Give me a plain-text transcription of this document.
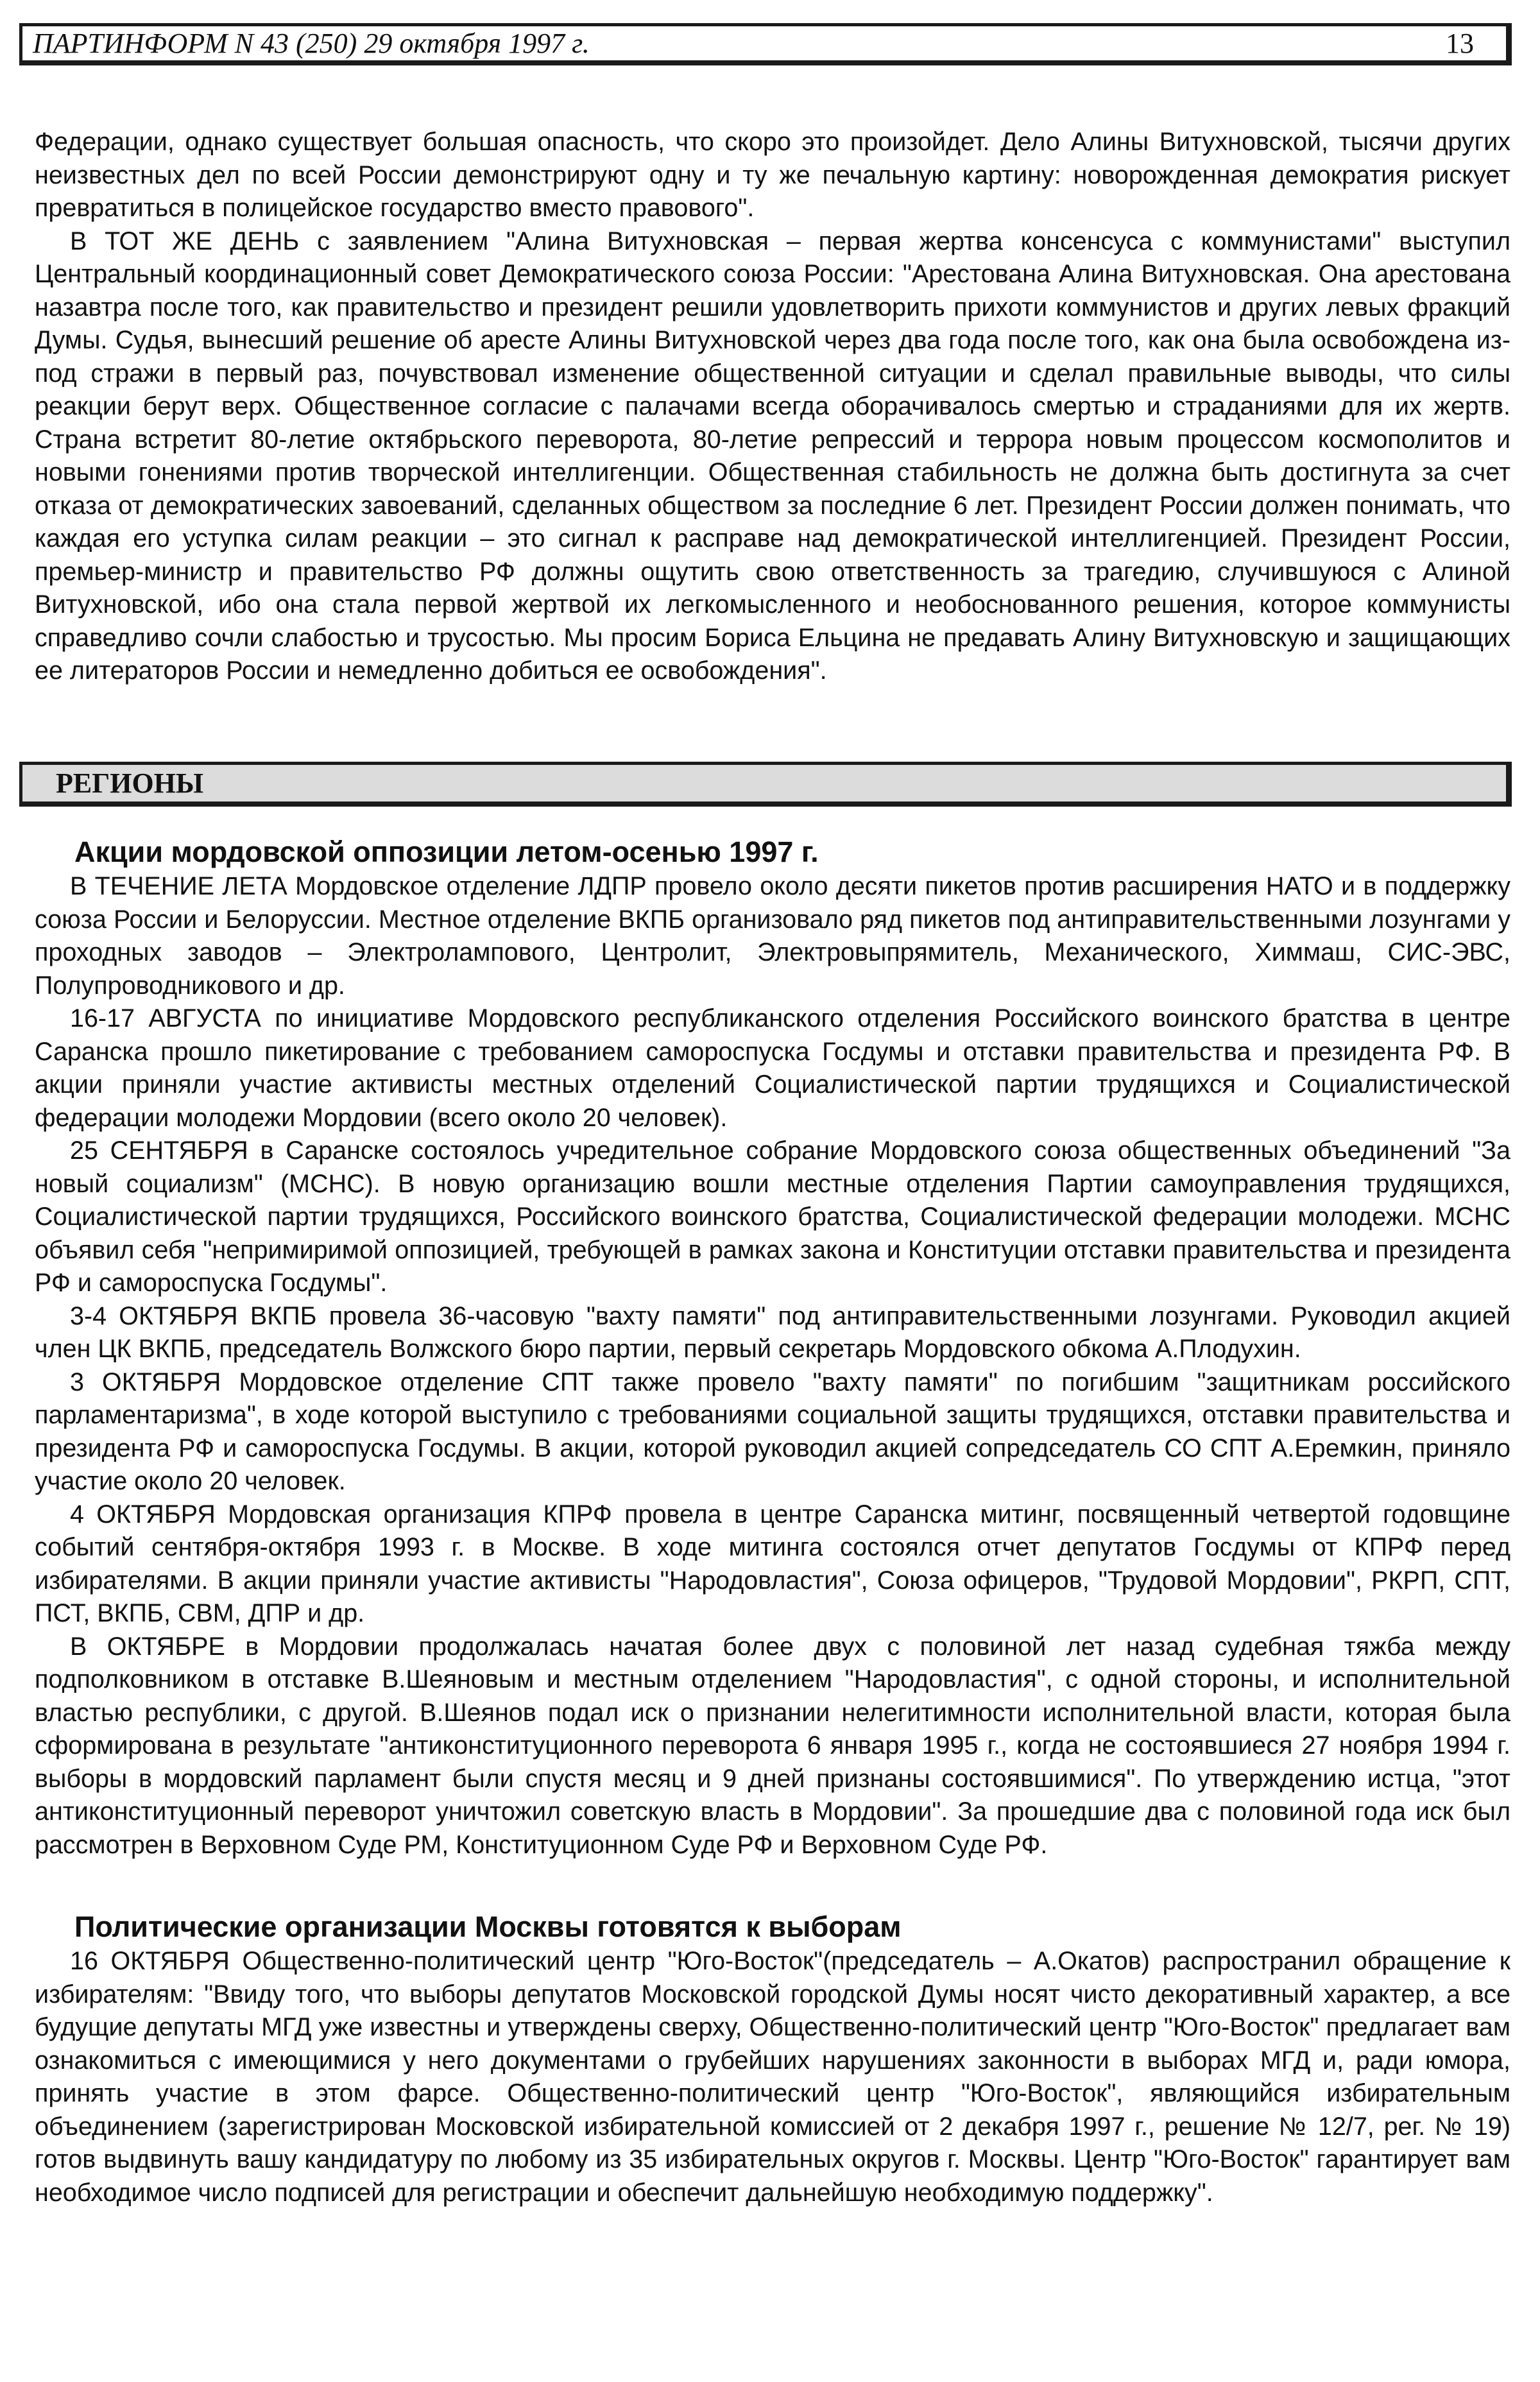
ПАРТИНФОРМ N 43 (250) 29 октября 1997 г.	13

Федерации, однако существует большая опасность, что скоро это произойдет. Дело Алины Витухновской, тысячи других неизвестных дел по всей России демонстрируют одну и ту же печальную картину: новорожденная демократия рискует превратиться в полицейское государство вместо правового".

В ТОТ ЖЕ ДЕНЬ с заявлением "Алина Витухновская – первая жертва консенсуса с коммунистами" выступил Центральный координационный совет Демократического союза России: "Арестована Алина Витухновская. Она арестована назавтра после того, как правительство и президент решили удовлетворить прихоти коммунистов и других левых фракций Думы. Судья, вынесший решение об аресте Алины Витухновской через два года после того, как она была освобождена из-под стражи в первый раз, почувствовал изменение общественной ситуации и сделал правильные выводы, что силы реакции берут верх. Общественное согласие с палачами всегда оборачивалось смертью и страданиями для их жертв. Страна встретит 80-летие октябрьского переворота, 80-летие репрессий и террора новым процессом космополитов и новыми гонениями против творческой интеллигенции. Общественная стабильность не должна быть достигнута за счет отказа от демократических завоеваний, сделанных обществом за последние 6 лет. Президент России должен понимать, что каждая его уступка силам реакции – это сигнал к расправе над демократической интеллигенцией. Президент России, премьер-министр и правительство РФ должны ощутить свою ответственность за трагедию, случившуюся с Алиной Витухновской, ибо она стала первой жертвой их легкомысленного и необоснованного решения, которое коммунисты справедливо сочли слабостью и трусостью. Мы просим Бориса Ельцина не предавать Алину Витухновскую и защищающих ее литераторов России и немедленно добиться ее освобождения".

РЕГИОНЫ
Акции мордовской оппозиции летом-осенью 1997 г.

В ТЕЧЕНИЕ ЛЕТА Мордовское отделение ЛДПР провело около десяти пикетов против расширения НАТО и в поддержку союза России и Белоруссии. Местное отделение ВКПБ организовало ряд пикетов под антиправительственными лозунгами у проходных заводов – Электролампового, Центролит, Электровыпрямитель, Механического, Химмаш, СИС-ЭВС, Полупроводникового и др.

16-17 АВГУСТА по инициативе Мордовского республиканского отделения Российского воинского братства в центре Саранска прошло пикетирование с требованием самороспуска Госдумы и отставки правительства и президента РФ. В акции приняли участие активисты местных отделений Социалистической партии трудящихся и Социалистической федерации молодежи Мордовии (всего около 20 человек).

25 СЕНТЯБРЯ в Саранске состоялось учредительное собрание Мордовского союза общественных объединений "За новый социализм" (МСНС). В новую организацию вошли местные отделения Партии самоуправления трудящихся, Социалистической партии трудящихся, Российского воинского братства, Социалистической федерации молодежи. МСНС объявил себя "непримиримой оппозицией, требующей в рамках закона и Конституции отставки правительства и президента РФ и самороспуска Госдумы".

3-4 ОКТЯБРЯ ВКПБ провела 36-часовую "вахту памяти" под антиправительственными лозунгами. Руководил акцией член ЦК ВКПБ, председатель Волжского бюро партии, первый секретарь Мордовского обкома А.Плодухин.

3 ОКТЯБРЯ Мордовское отделение СПТ также провело "вахту памяти" по погибшим "защитникам российского парламентаризма", в ходе которой выступило с требованиями социальной защиты трудящихся, отставки правительства и президента РФ и самороспуска Госдумы. В акции, которой руководил акцией сопредседатель СО СПТ А.Еремкин, приняло участие около 20 человек.

4 ОКТЯБРЯ Мордовская организация КПРФ провела в центре Саранска митинг, посвященный четвертой годовщине событий сентября-октября 1993 г. в Москве. В ходе митинга состоялся отчет депутатов Госдумы от КПРФ перед избирателями. В акции приняли участие активисты "Народовластия", Союза офицеров, "Трудовой Мордовии", РКРП, СПТ, ПСТ, ВКПБ, СВМ, ДПР и др.

В ОКТЯБРЕ в Мордовии продолжалась начатая более двух с половиной лет назад судебная тяжба между подполковником в отставке В.Шеяновым и местным отделением "Народовластия", с одной стороны, и исполнительной властью республики, с другой. В.Шеянов подал иск о признании нелегитимности исполнительной власти, которая была сформирована в результате "антиконституционного переворота 6 января 1995 г., когда не состоявшиеся 27 ноября 1994 г. выборы в мордовский парламент были спустя месяц и 9 дней признаны состоявшимися". По утверждению истца, "этот антиконституционный переворот уничтожил советскую власть в Мордовии". За прошедшие два с половиной года иск был рассмотрен в Верховном Суде РМ, Конституционном Суде РФ и Верховном Суде РФ.

Политические организации Москвы готовятся к выборам

16 ОКТЯБРЯ Общественно-политический центр "Юго-Восток"(председатель – А.Окатов) распространил обращение к избирателям: "Ввиду того, что выборы депутатов Московской городской Думы носят чисто декоративный характер, а все будущие депутаты МГД уже известны и утверждены сверху, Общественно-политический центр "Юго-Восток" предлагает вам ознакомиться с имеющимися у него документами о грубейших нарушениях законности в выборах МГД и, ради юмора, принять участие в этом фарсе. Общественно-политический центр "Юго-Восток", являющийся избирательным объединением (зарегистрирован Московской избирательной комиссией от 2 декабря 1997 г., решение № 12/7, рег. № 19) готов выдвинуть вашу кандидатуру по любому из 35 избирательных округов г. Москвы. Центр "Юго-Восток" гарантирует вам необходимое число подписей для регистрации и обеспечит дальнейшую необходимую поддержку".
